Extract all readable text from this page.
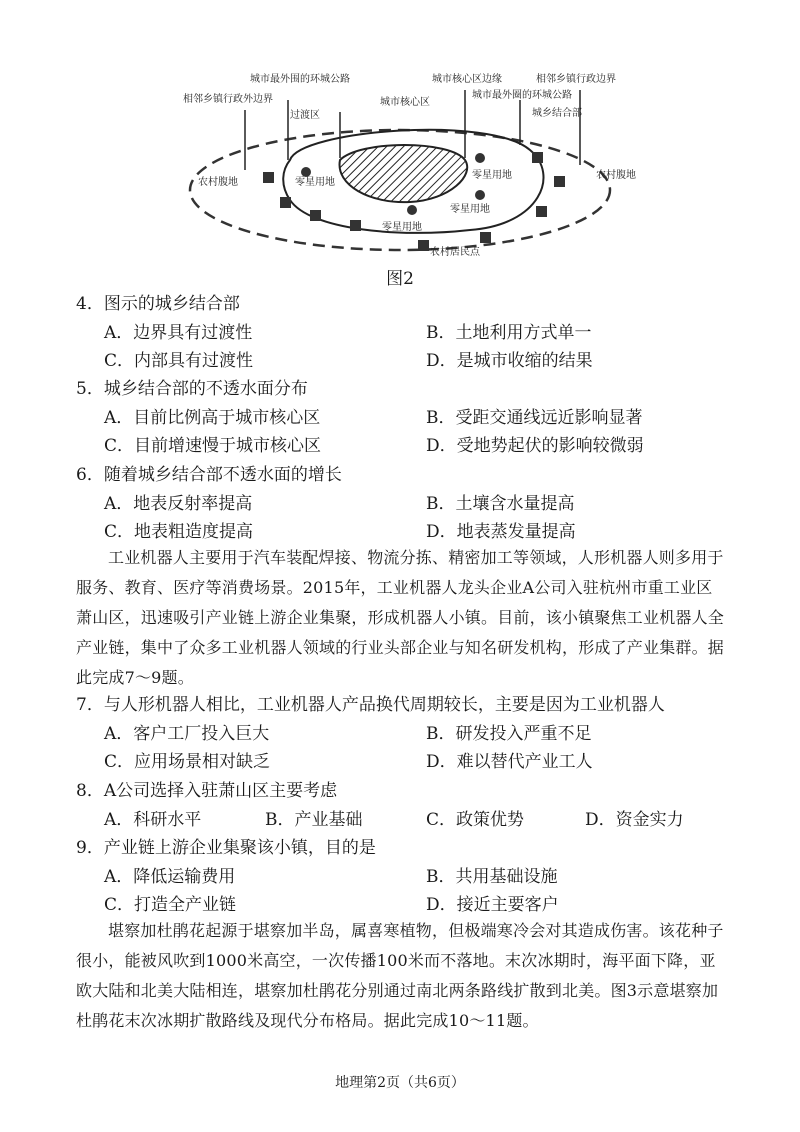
城市最外围的环城公路
相邻乡镇行政外边界
城市核心区边缘	相邻乡镇行政边界
城市最外圈的环城公路
过渡区
城市核心区
城乡结合部
农村腹地
农村腹地
零星用地
零星用地
零星用地
零星用地
农村居民点
图2
4．图示的城乡结合部
A．边界具有过渡性	B．土地利用方式单一
C．内部具有过渡性	D．是城市收缩的结果
5．城乡结合部的不透水面分布
A．目前比例高于城市核心区	B．受距交通线远近影响显著
C．目前增速慢于城市核心区	D．受地势起伏的影响较微弱
6．随着城乡结合部不透水面的增长
A．地表反射率提高	B．土壤含水量提高
C．地表粗造度提高	D．地表蒸发量提高

工业机器人主要用于汽车装配焊接、物流分拣、精密加工等领域，人形机器人则多用于服务、教育、医疗等消费场景。2015年，工业机器人龙头企业A公司入驻杭州市重工业区萧山区，迅速吸引产业链上游企业集聚，形成机器人小镇。目前，该小镇聚焦工业机器人全产业链，集中了众多工业机器人领域的行业头部企业与知名研发机构，形成了产业集群。据此完成7～9题。

7．与人形机器人相比，工业机器人产品换代周期较长，主要是因为工业机器人
A．客户工厂投入巨大	B．研发投入严重不足
C．应用场景相对缺乏	D．难以替代产业工人
8．A公司选择入驻萧山区主要考虑
A．科研水平	B．产业基础	C．政策优势	D．资金实力
9．产业链上游企业集聚该小镇，目的是
A．降低运输费用	B．共用基础设施
C．打造全产业链	D．接近主要客户

堪察加杜鹃花起源于堪察加半岛，属喜寒植物，但极端寒冷会对其造成伤害。该花种子很小，能被风吹到1000米高空，一次传播100米而不落地。末次冰期时，海平面下降，亚欧大陆和北美大陆相连，堪察加杜鹃花分别通过南北两条路线扩散到北美。图3示意堪察加杜鹃花末次冰期扩散路线及现代分布格局。据此完成10～11题。

地理第2页（共6页）
